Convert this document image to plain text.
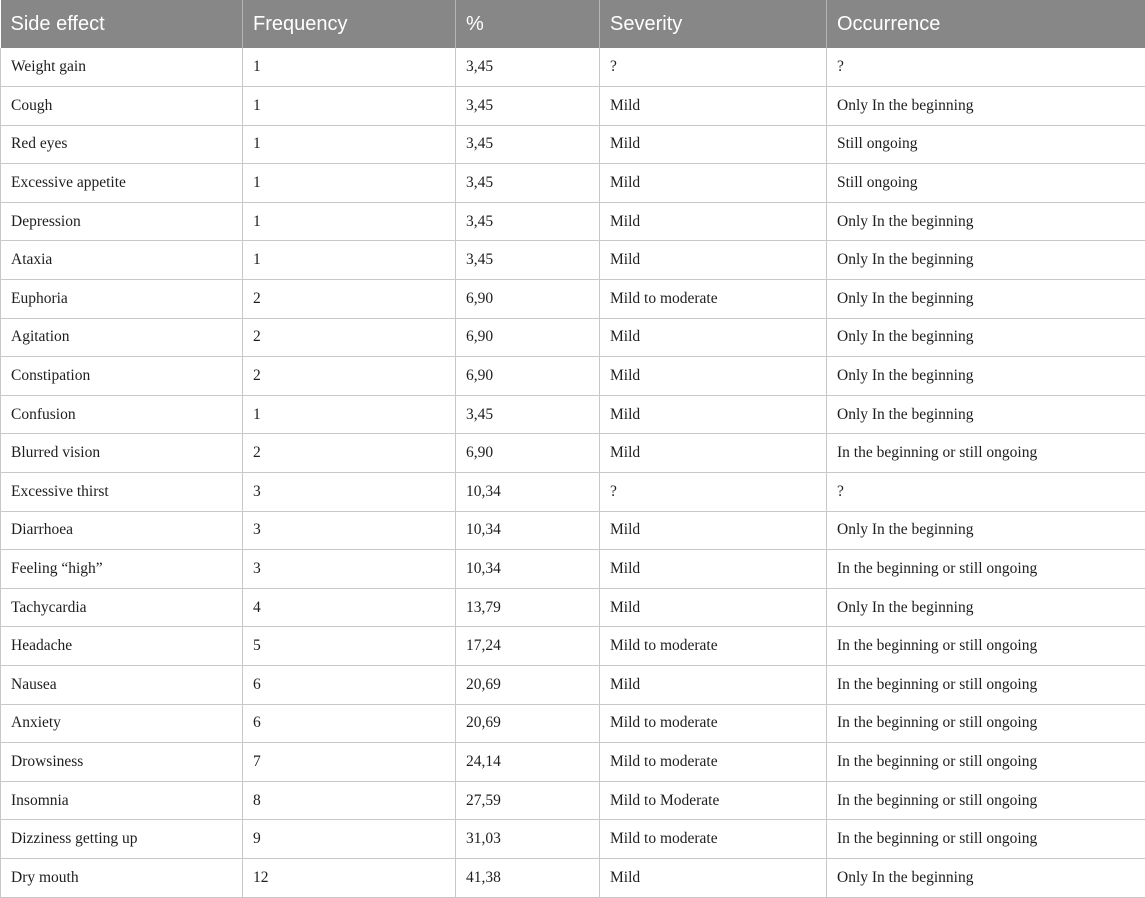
Side effect	Frequency	%	Severity	Occurrence
Weight gain	1	3,45	?	?
Cough	1	3,45	Mild	Only In the beginning
Red eyes	1	3,45	Mild	Still ongoing
Excessive appetite	1	3,45	Mild	Still ongoing
Depression	1	3,45	Mild	Only In the beginning
Ataxia	1	3,45	Mild	Only In the beginning
Euphoria	2	6,90	Mild to moderate	Only In the beginning
Agitation	2	6,90	Mild	Only In the beginning
Constipation	2	6,90	Mild	Only In the beginning
Confusion	1	3,45	Mild	Only In the beginning
Blurred vision	2	6,90	Mild	In the beginning or still ongoing
Excessive thirst	3	10,34	?	?
Diarrhoea	3	10,34	Mild	Only In the beginning
Feeling “high”	3	10,34	Mild	In the beginning or still ongoing
Tachycardia	4	13,79	Mild	Only In the beginning
Headache	5	17,24	Mild to moderate	In the beginning or still ongoing
Nausea	6	20,69	Mild	In the beginning or still ongoing
Anxiety	6	20,69	Mild to moderate	In the beginning or still ongoing
Drowsiness	7	24,14	Mild to moderate	In the beginning or still ongoing
Insomnia	8	27,59	Mild to Moderate	In the beginning or still ongoing
Dizziness getting up	9	31,03	Mild to moderate	In the beginning or still ongoing
Dry mouth	12	41,38	Mild	Only In the beginning
